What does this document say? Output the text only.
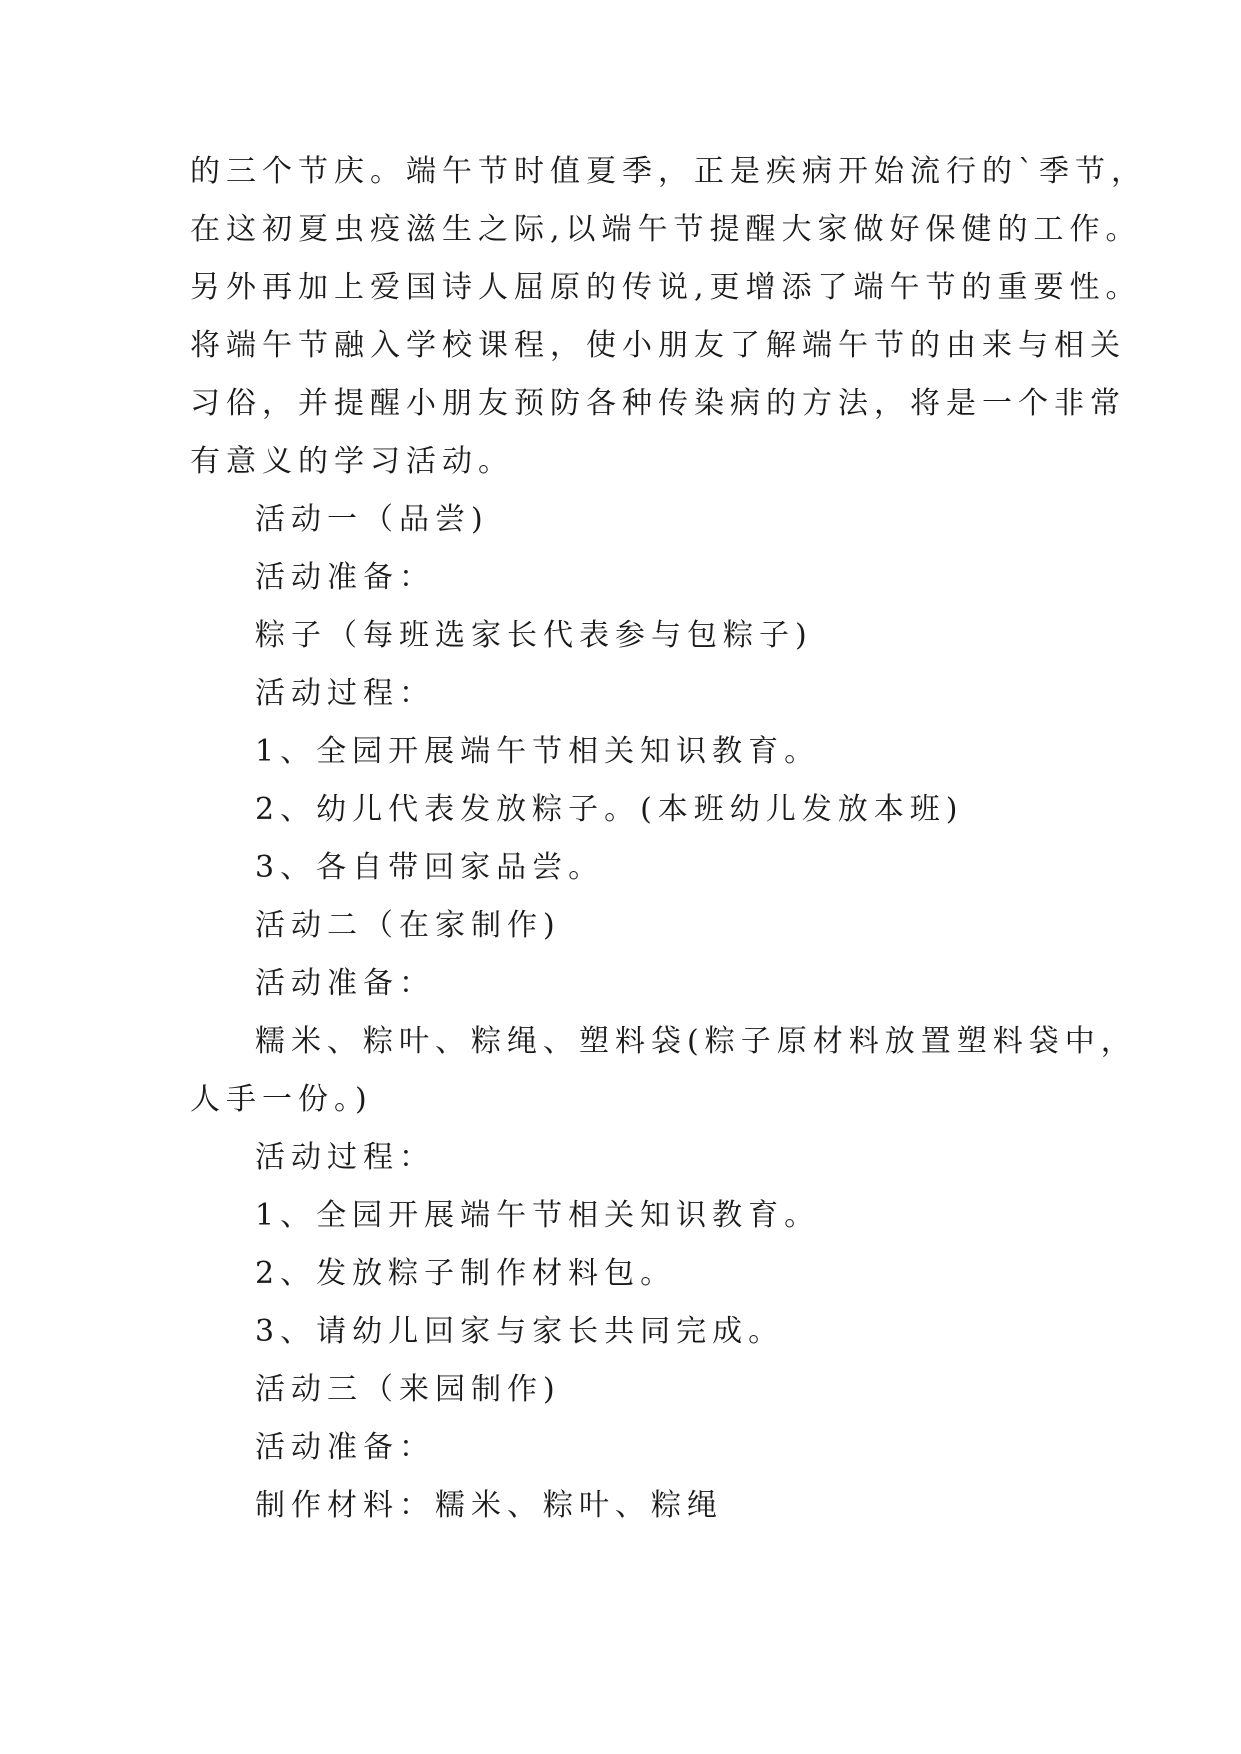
的三个节庆。端午节时值夏季，正是疾病开始流行的`季节，
在这初夏虫疫滋生之际,以端午节提醒大家做好保健的工作。
另外再加上爱国诗人屈原的传说,更增添了端午节的重要性。
将端午节融入学校课程，使小朋友了解端午节的由来与相关
习俗，并提醒小朋友预防各种传染病的方法，将是一个非常
有意义的学习活动。
活动一（品尝)
活动准备：
粽子（每班选家长代表参与包粽子)
活动过程：
1、全园开展端午节相关知识教育。
2、幼儿代表发放粽子。(本班幼儿发放本班)
3、各自带回家品尝。
活动二（在家制作)
活动准备：
糯米、粽叶、粽绳、塑料袋(粽子原材料放置塑料袋中，
人手一份。)
活动过程：
1、全园开展端午节相关知识教育。
2、发放粽子制作材料包。
3、请幼儿回家与家长共同完成。
活动三（来园制作)
活动准备：
制作材料：糯米、粽叶、粽绳
